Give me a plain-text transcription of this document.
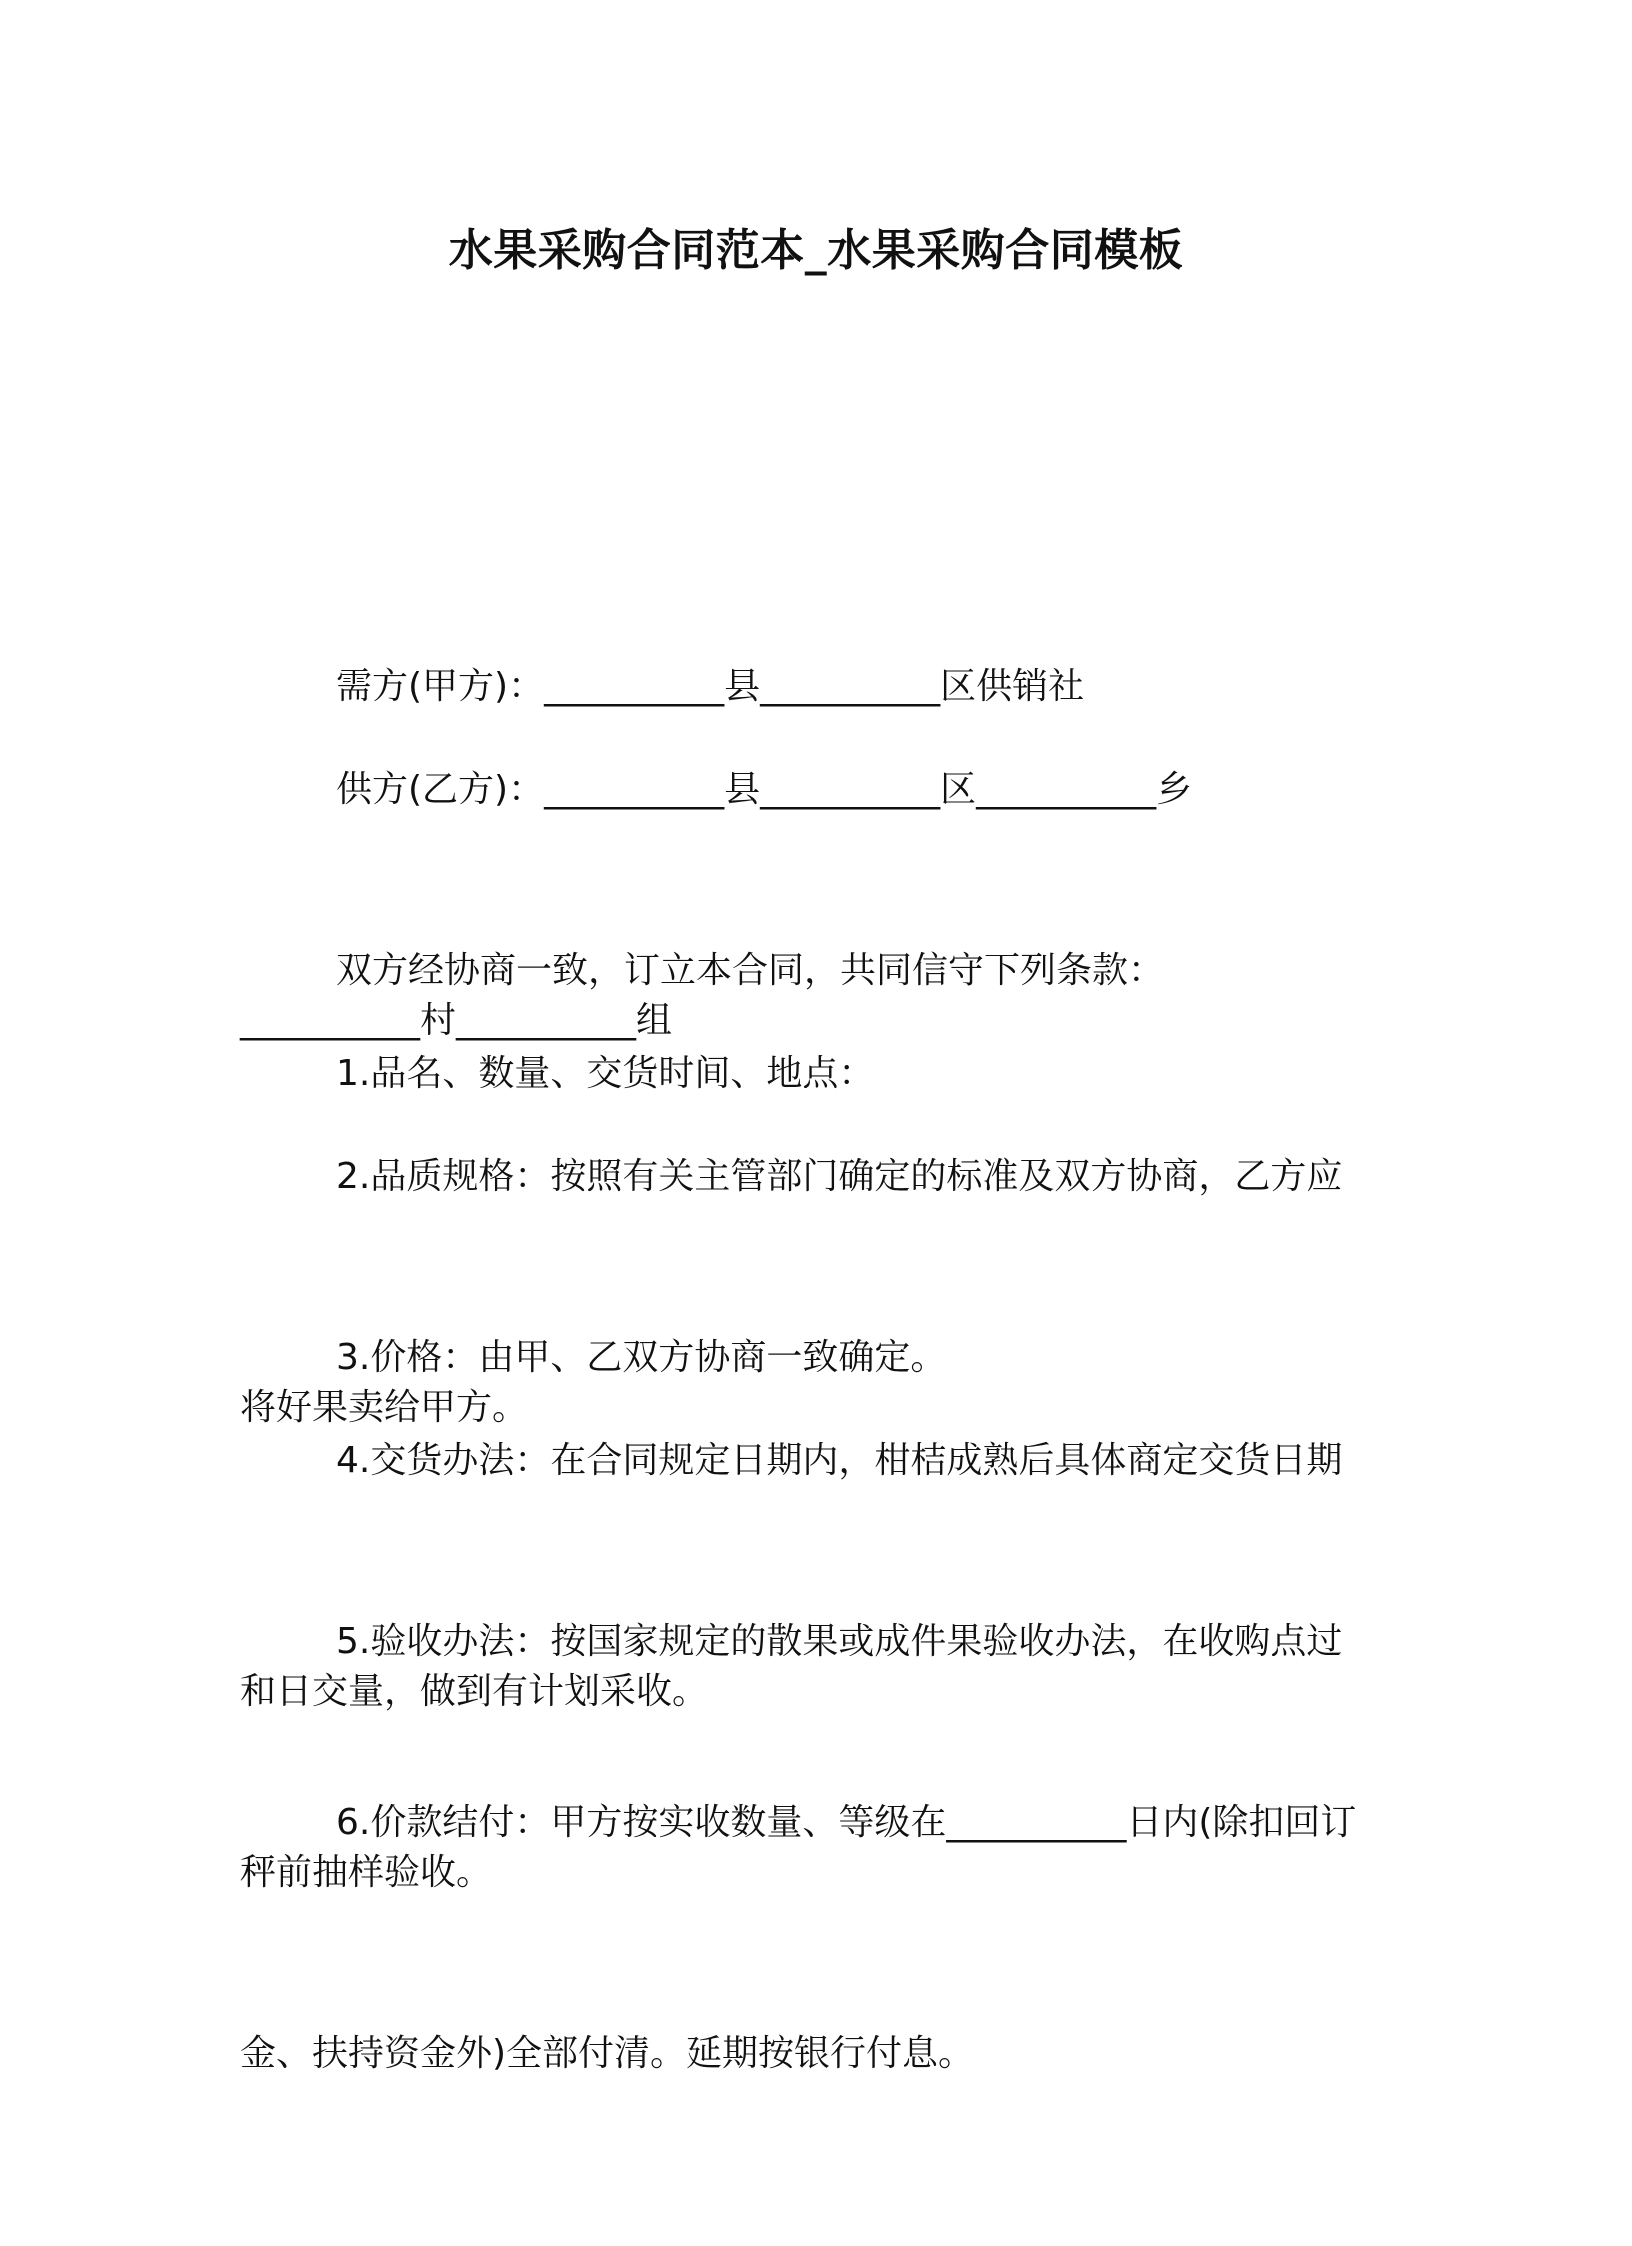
水果采购合同范本_水果采购合同模板

需方(甲方)：__________县__________区供销社

供方(乙方)：__________县__________区__________乡

__________村__________组

双方经协商一致，订立本合同，共同信守下列条款：

1.品名、数量、交货时间、地点：

2.品质规格：按照有关主管部门确定的标准及双方协商，乙方应

将好果卖给甲方。

3.价格：由甲、乙双方协商一致确定。

4.交货办法：在合同规定日期内，柑桔成熟后具体商定交货日期

和日交量，做到有计划采收。

5.验收办法：按国家规定的散果或成件果验收办法，在收购点过

秤前抽样验收。

6.价款结付：甲方按实收数量、等级在__________日内(除扣回订

金、扶持资金外)全部付清。延期按银行付息。
